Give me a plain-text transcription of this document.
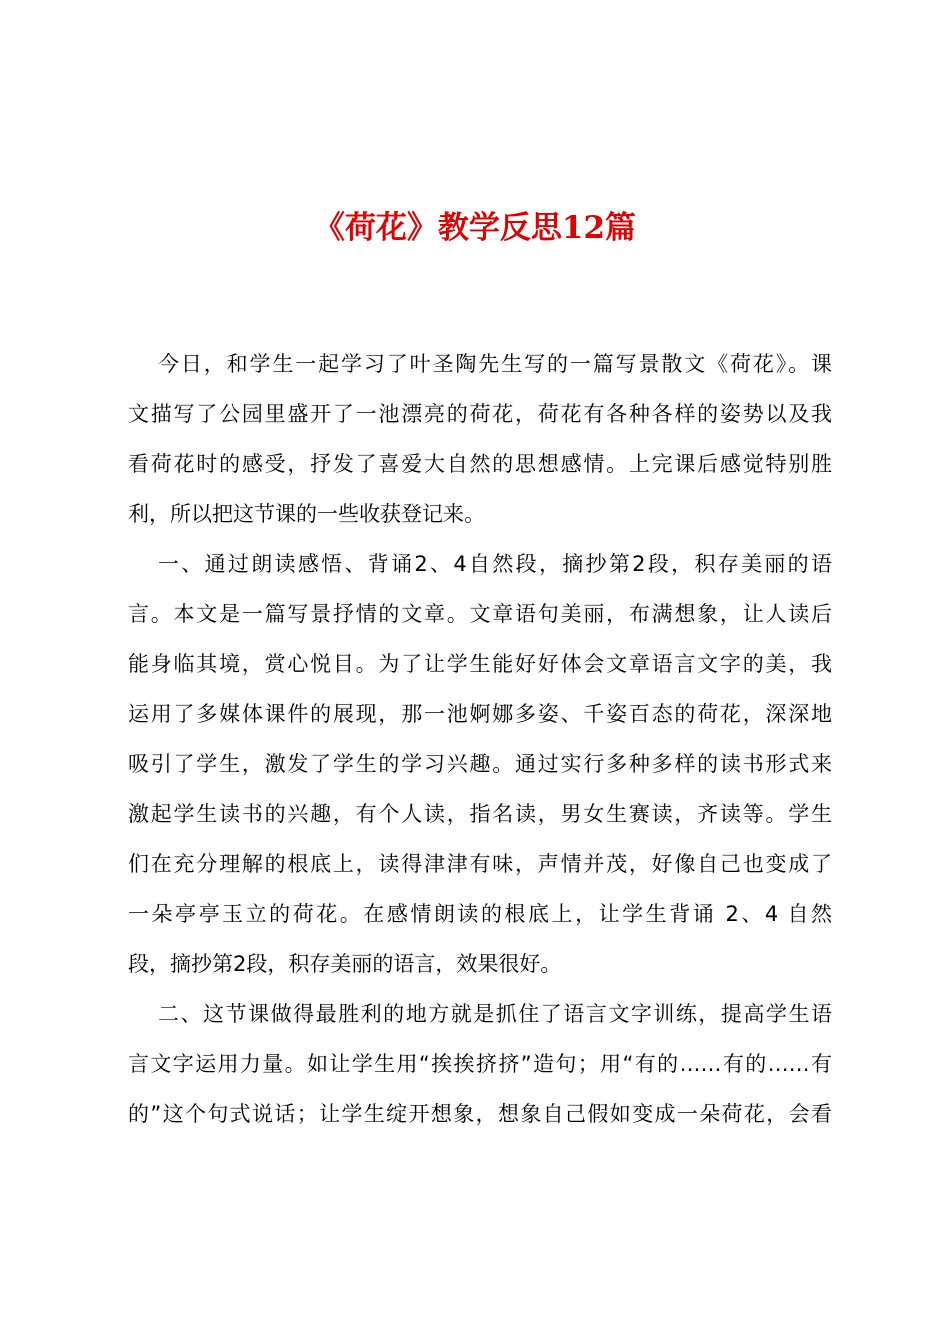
《荷花》教学反思12篇
今日，和学生一起学习了叶圣陶先生写的一篇写景散文《荷花》。课
文描写了公园里盛开了一池漂亮的荷花，荷花有各种各样的姿势以及我
看荷花时的感受，抒发了喜爱大自然的思想感情。上完课后感觉特别胜
利，所以把这节课的一些收获登记来。
一、通过朗读感悟、背诵2、4自然段，摘抄第2段，积存美丽的语
言。本文是一篇写景抒情的文章。文章语句美丽，布满想象，让人读后
能身临其境，赏心悦目。为了让学生能好好体会文章语言文字的美，我
运用了多媒体课件的展现，那一池婀娜多姿、千姿百态的荷花，深深地
吸引了学生，激发了学生的学习兴趣。通过实行多种多样的读书形式来
激起学生读书的兴趣，有个人读，指名读，男女生赛读，齐读等。学生
们在充分理解的根底上，读得津津有味，声情并茂，好像自己也变成了
一朵亭亭玉立的荷花。在感情朗读的根底上，让学生背诵 2、4 自然
段，摘抄第2段，积存美丽的语言，效果很好。
二、这节课做得最胜利的地方就是抓住了语言文字训练，提高学生语
言文字运用力量。如让学生用“挨挨挤挤”造句；用“有的……有的……有
的”这个句式说话；让学生绽开想象，想象自己假如变成一朵荷花，会看
